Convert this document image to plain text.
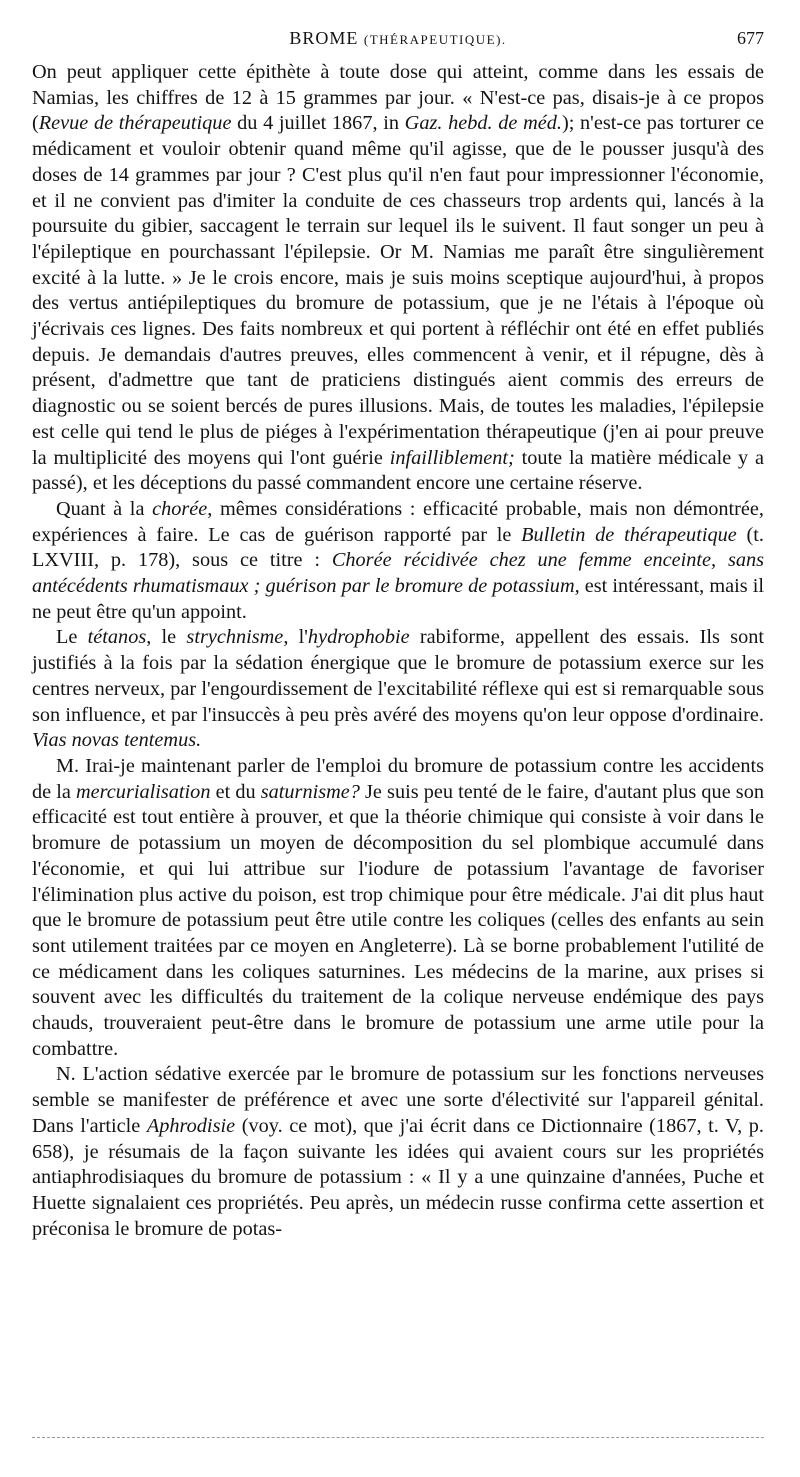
BROME (THÉRAPEUTIQUE).	677

On peut appliquer cette épithète à toute dose qui atteint, comme dans les essais de Namias, les chiffres de 12 à 15 grammes par jour. « N'est-ce pas, disais-je à ce propos (Revue de thérapeutique du 4 juillet 1867, in Gaz. hebd. de méd.); n'est-ce pas torturer ce médicament et vouloir obtenir quand même qu'il agisse, que de le pousser jusqu'à des doses de 14 grammes par jour ? C'est plus qu'il n'en faut pour impressionner l'économie, et il ne convient pas d'imiter la conduite de ces chasseurs trop ardents qui, lancés à la poursuite du gibier, saccagent le terrain sur lequel ils le suivent. Il faut songer un peu à l'épileptique en pourchassant l'épilepsie. Or M. Namias me paraît être singulièrement excité à la lutte. » Je le crois encore, mais je suis moins sceptique aujourd'hui, à propos des vertus antiépileptiques du bromure de potassium, que je ne l'étais à l'époque où j'écrivais ces lignes. Des faits nombreux et qui portent à réfléchir ont été en effet publiés depuis. Je demandais d'autres preuves, elles commencent à venir, et il répugne, dès à présent, d'admettre que tant de praticiens distingués aient commis des erreurs de diagnostic ou se soient bercés de pures illusions. Mais, de toutes les maladies, l'épilepsie est celle qui tend le plus de piéges à l'expérimentation thérapeutique (j'en ai pour preuve la multiplicité des moyens qui l'ont guérie infailliblement; toute la matière médicale y a passé), et les déceptions du passé commandent encore une certaine réserve.

Quant à la chorée, mêmes considérations : efficacité probable, mais non démontrée, expériences à faire. Le cas de guérison rapporté par le Bulletin de thérapeutique (t. LXVIII, p. 178), sous ce titre : Chorée récidivée chez une femme enceinte, sans antécédents rhumatismaux ; guérison par le bromure de potassium, est intéressant, mais il ne peut être qu'un appoint.

Le tétanos, le strychnisme, l'hydrophobie rabiforme, appellent des essais. Ils sont justifiés à la fois par la sédation énergique que le bromure de potassium exerce sur les centres nerveux, par l'engourdissement de l'excitabilité réflexe qui est si remarquable sous son influence, et par l'insuccès à peu près avéré des moyens qu'on leur oppose d'ordinaire. Vias novas tentemus.

M. Irai-je maintenant parler de l'emploi du bromure de potassium contre les accidents de la mercurialisation et du saturnisme? Je suis peu tenté de le faire, d'autant plus que son efficacité est tout entière à prouver, et que la théorie chimique qui consiste à voir dans le bromure de potassium un moyen de décomposition du sel plombique accumulé dans l'économie, et qui lui attribue sur l'iodure de potassium l'avantage de favoriser l'élimination plus active du poison, est trop chimique pour être médicale. J'ai dit plus haut que le bromure de potassium peut être utile contre les coliques (celles des enfants au sein sont utilement traitées par ce moyen en Angleterre). Là se borne probablement l'utilité de ce médicament dans les coliques saturnines. Les médecins de la marine, aux prises si souvent avec les difficultés du traitement de la colique nerveuse endémique des pays chauds, trouveraient peut-être dans le bromure de potassium une arme utile pour la combattre.

N. L'action sédative exercée par le bromure de potassium sur les fonctions nerveuses semble se manifester de préférence et avec une sorte d'électivité sur l'appareil génital. Dans l'article Aphrodisie (voy. ce mot), que j'ai écrit dans ce Dictionnaire (1867, t. V, p. 658), je résumais de la façon suivante les idées qui avaient cours sur les propriétés antiaphrodisiaques du bromure de potassium : « Il y a une quinzaine d'années, Puche et Huette signalaient ces propriétés. Peu après, un médecin russe confirma cette assertion et préconisa le bromure de potas-
